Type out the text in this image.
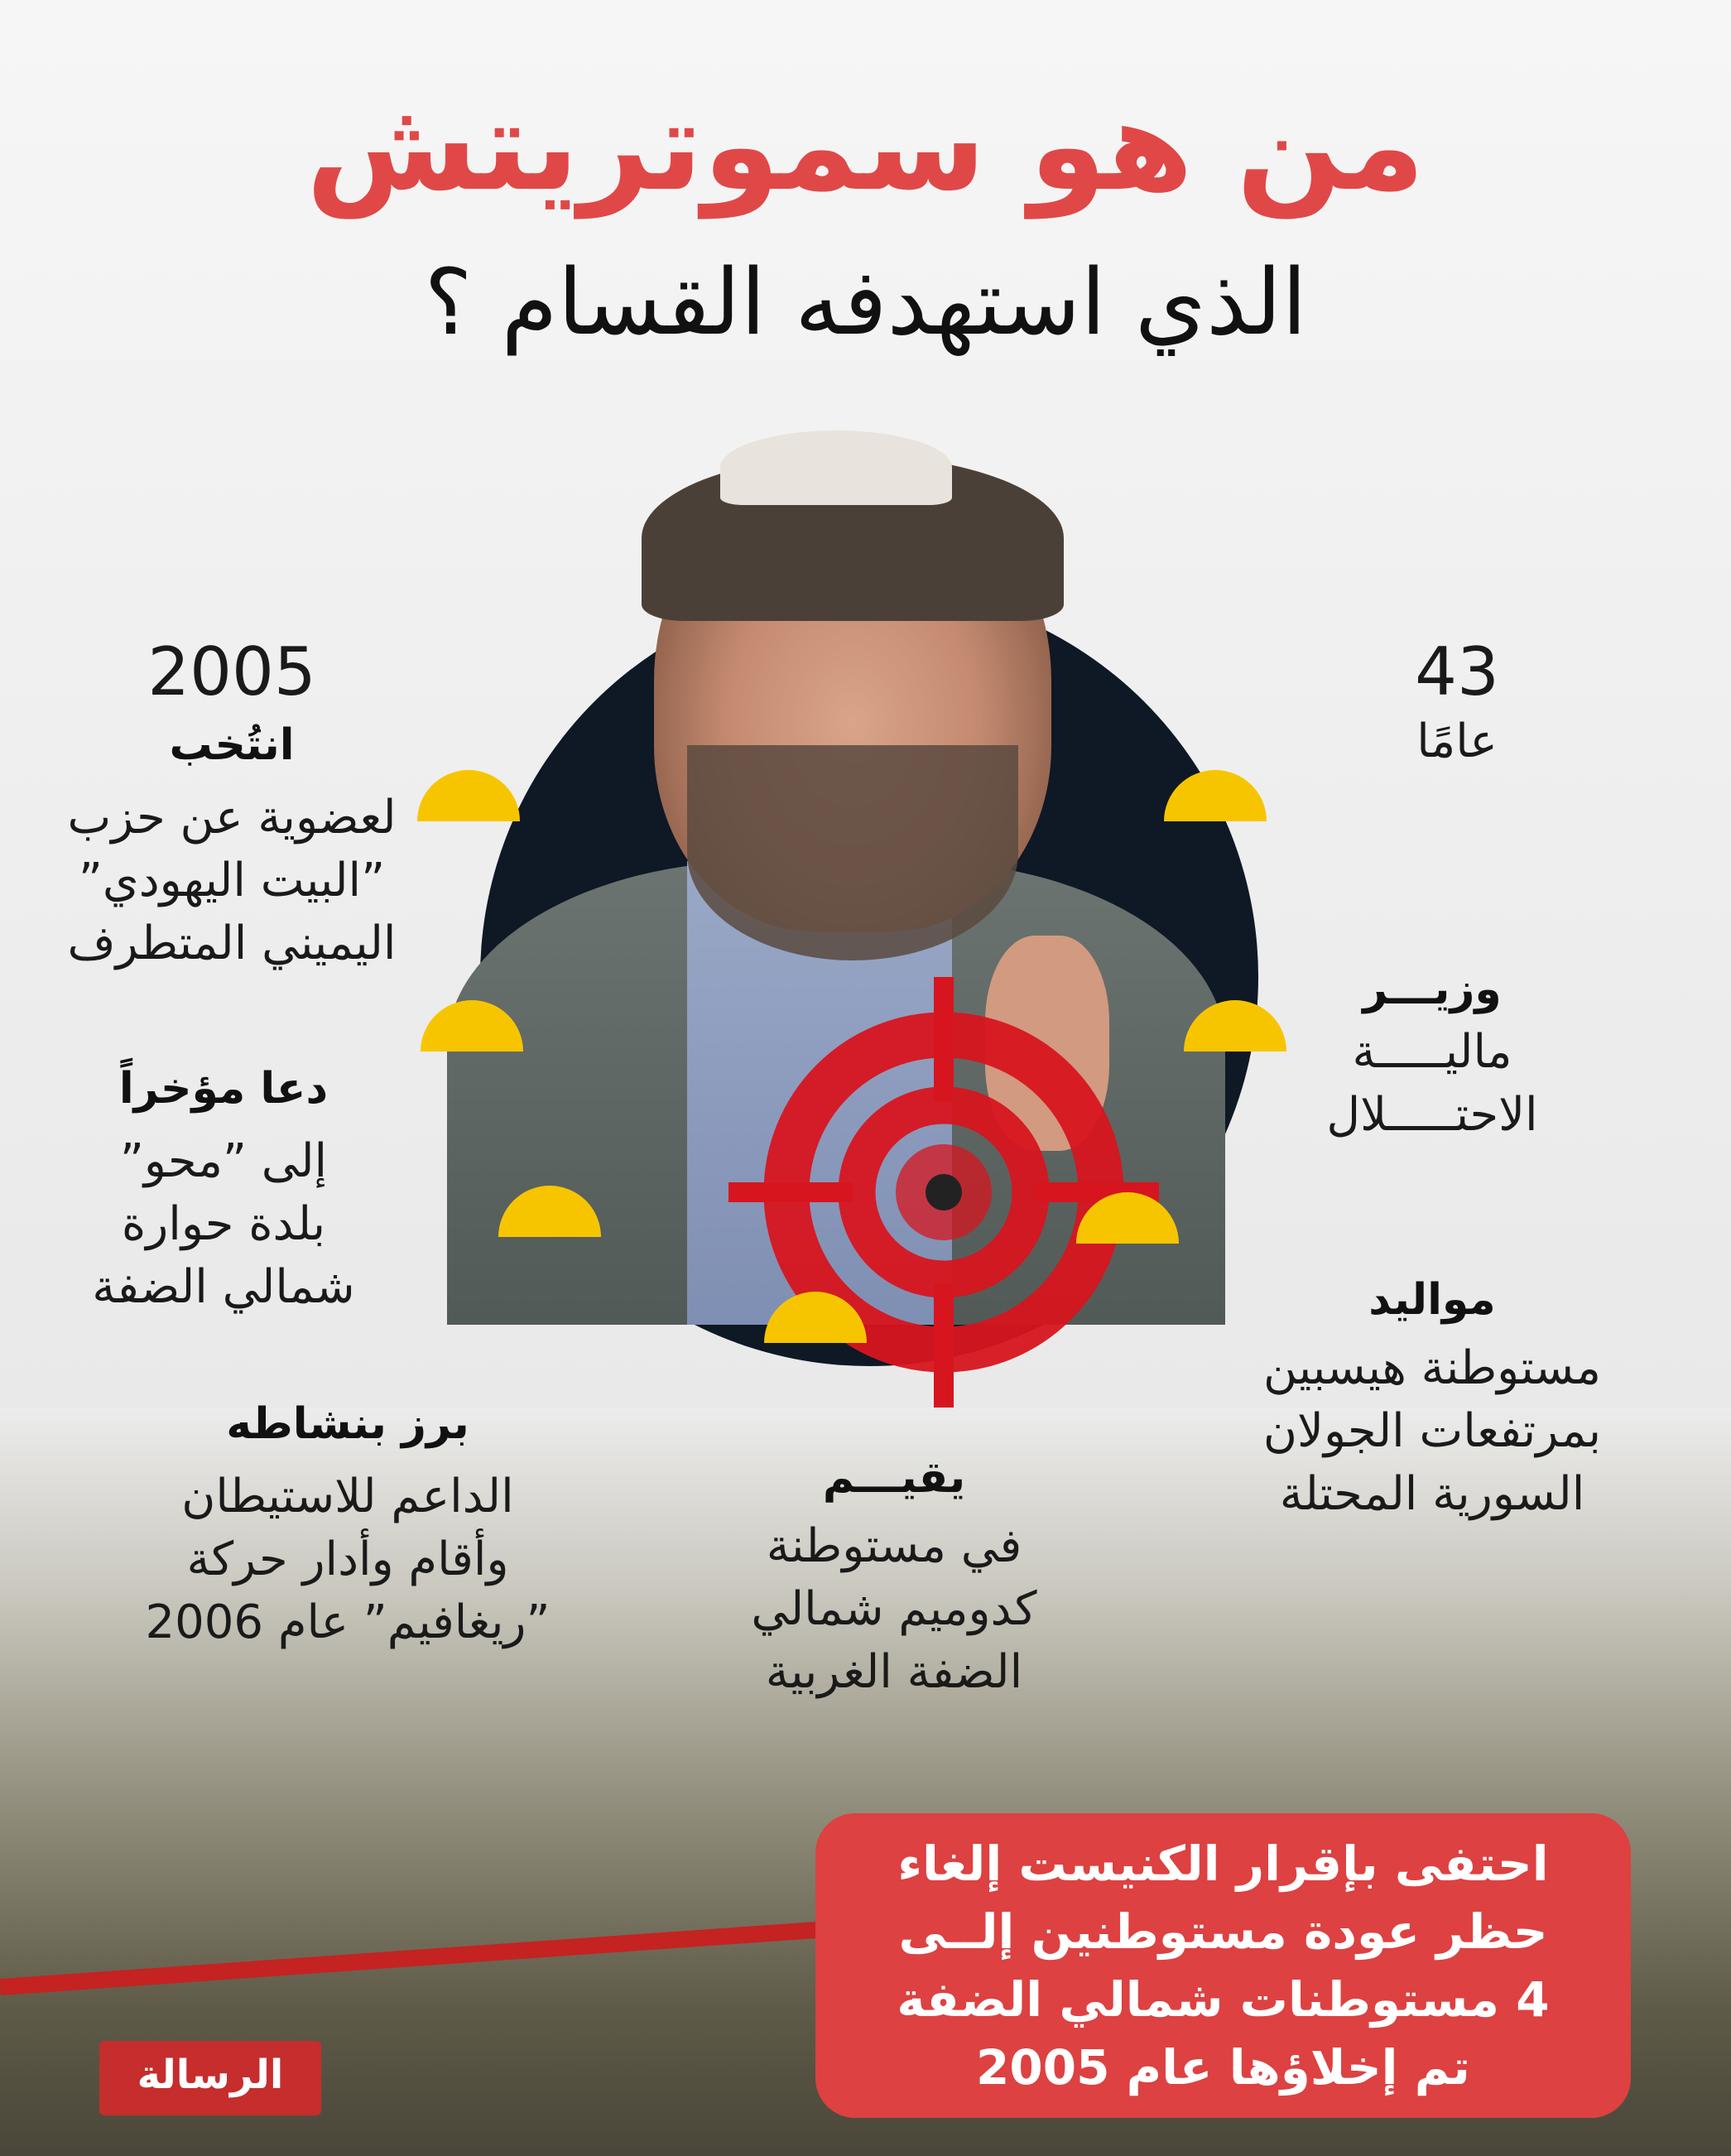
من هو سموتريتش
الذي استهدفه القسام ؟
2005
انتُخب
لعضوية عن حزب
”البيت اليهودي”
اليميني المتطرف
دعا مؤخراً
إلى ”محو”
بلدة حوارة
شمالي الضفة
برز بنشاطه
الداعم للاستيطان
وأقام وأدار حركة
”ريغافيم” عام 2006
43
عامًا
وزيـــر
ماليـــــة
الاحتـــــلال
مواليد
مستوطنة هيسبين
بمرتفعات الجولان
السورية المحتلة
يقيـــم
في مستوطنة
كدوميم شمالي
الضفة الغربية
احتفى بإقرار الكنيست إلغاء
حظر عودة مستوطنين إلــى
4 مستوطنات شمالي الضفة
تم إخلاؤها عام 2005
الرسالة
